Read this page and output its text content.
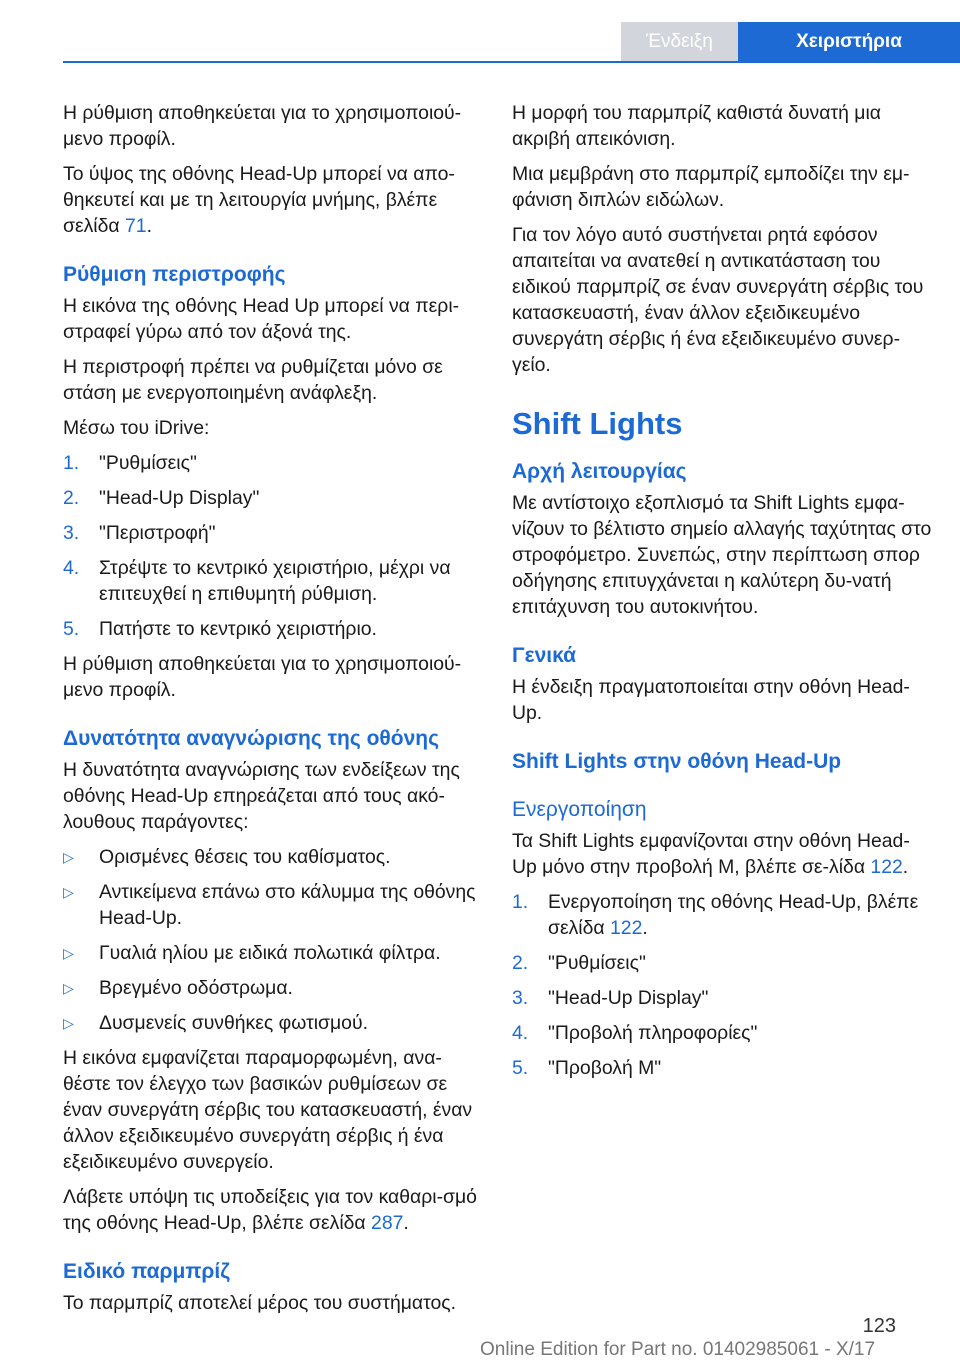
Ένδειξη	Χειριστήρια

Η ρύθμιση αποθηκεύεται για το χρησιμοποιού-μενο προφίλ.

Το ύψος της οθόνης Head-Up μπορεί να απο-θηκευτεί και με τη λειτουργία μνήμης, βλέπε σελίδα 71.

Ρύθμιση περιστροφής

Η εικόνα της οθόνης Head Up μπορεί να περι-στραφεί γύρω από τον άξονά της.

Η περιστροφή πρέπει να ρυθμίζεται μόνο σε στάση με ενεργοποιημένη ανάφλεξη.

Μέσω του iDrive:

1.	"Ρυθμίσεις"
2.	"Head-Up Display"
3.	"Περιστροφή"
4.	Στρέψτε το κεντρικό χειριστήριο, μέχρι να επιτευχθεί η επιθυμητή ρύθμιση.
5.	Πατήστε το κεντρικό χειριστήριο.

Η ρύθμιση αποθηκεύεται για το χρησιμοποιού-μενο προφίλ.

Δυνατότητα αναγνώρισης της οθόνης

Η δυνατότητα αναγνώρισης των ενδείξεων της οθόνης Head-Up επηρεάζεται από τους ακό-λουθους παράγοντες:

▷	Ορισμένες θέσεις του καθίσματος.
▷	Αντικείμενα επάνω στο κάλυμμα της οθόνης Head-Up.
▷	Γυαλιά ηλίου με ειδικά πολωτικά φίλτρα.
▷	Βρεγμένο οδόστρωμα.
▷	Δυσμενείς συνθήκες φωτισμού.

Η εικόνα εμφανίζεται παραμορφωμένη, ανα-θέστε τον έλεγχο των βασικών ρυθμίσεων σε έναν συνεργάτη σέρβις του κατασκευαστή, έναν άλλον εξειδικευμένο συνεργάτη σέρβις ή ένα εξειδικευμένο συνεργείο.

Λάβετε υπόψη τις υποδείξεις για τον καθαρι-σμό της οθόνης Head-Up, βλέπε σελίδα 287.

Ειδικό παρμπρίζ

Το παρμπρίζ αποτελεί μέρος του συστήματος.

Η μορφή του παρμπρίζ καθιστά δυνατή μια ακριβή απεικόνιση.

Μια μεμβράνη στο παρμπρίζ εμποδίζει την εμ-φάνιση διπλών ειδώλων.

Για τον λόγο αυτό συστήνεται ρητά εφόσον απαιτείται να ανατεθεί η αντικατάσταση του ειδικού παρμπρίζ σε έναν συνεργάτη σέρβις του κατασκευαστή, έναν άλλον εξειδικευμένο συνεργάτη σέρβις ή ένα εξειδικευμένο συνερ-γείο.

Shift Lights
Αρχή λειτουργίας

Με αντίστοιχο εξοπλισμό τα Shift Lights εμφα-νίζουν το βέλτιστο σημείο αλλαγής ταχύτητας στο στροφόμετρο. Συνεπώς, στην περίπτωση σπορ οδήγησης επιτυγχάνεται η καλύτερη δυ-νατή επιτάχυνση του αυτοκινήτου.

Γενικά

Η ένδειξη πραγματοποιείται στην οθόνη Head-Up.

Shift Lights στην οθόνη Head-Up
Ενεργοποίηση

Τα Shift Lights εμφανίζονται στην οθόνη Head-Up μόνο στην προβολή M, βλέπε σε-λίδα 122.

1.	Ενεργοποίηση της οθόνης Head-Up, βλέπε σελίδα 122.
2.	"Ρυθμίσεις"
3.	"Head-Up Display"
4.	"Προβολή πληροφορίες"
5.	"Προβολή M"
123
Online Edition for Part no. 01402985061 - X/17
